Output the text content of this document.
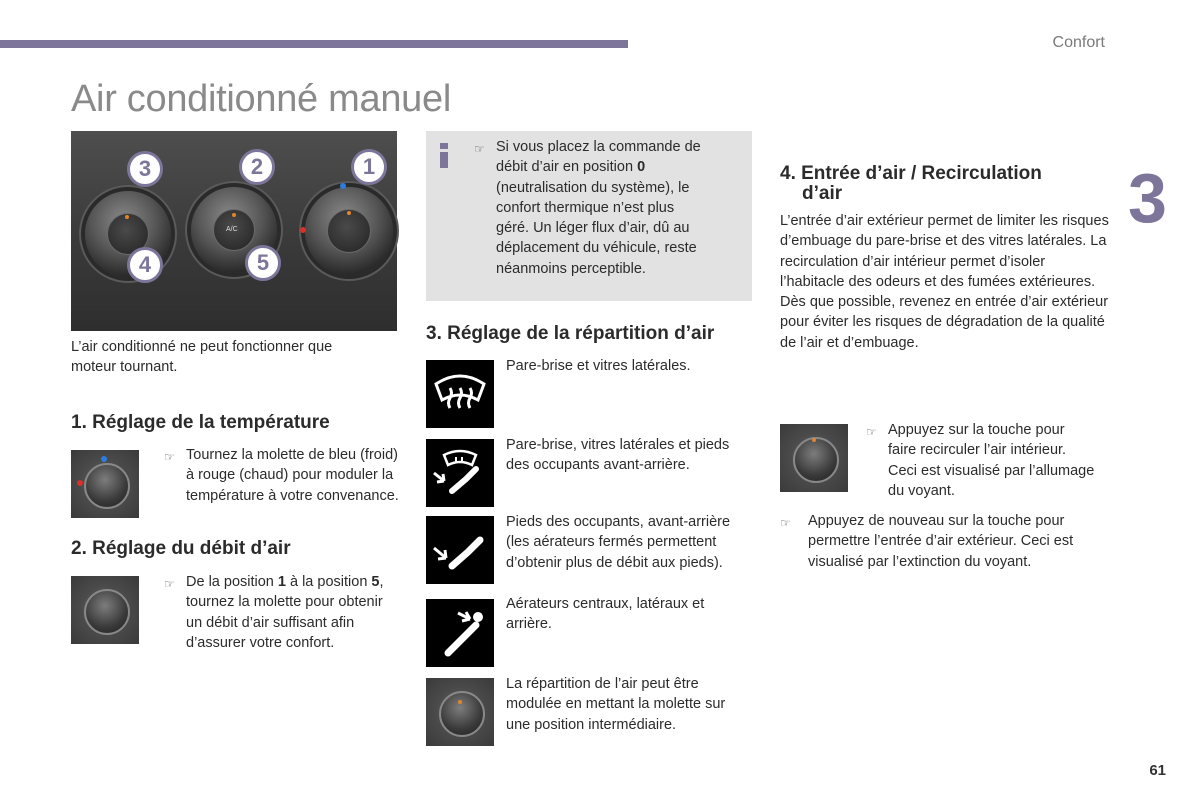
Confort
Air conditionné manuel
3
A/C
3	2	1
4	5
L’air conditionné ne peut fonctionner que moteur tournant.
1. Réglage de la température
☞ Tournez la molette de bleu (froid) à rouge (chaud) pour moduler la température à votre convenance.
2. Réglage du débit d’air
☞ De la position 1 à la position 5, tournez la molette pour obtenir un débit d’air suffisant afin d’assurer votre confort.
☞ Si vous placez la commande de débit d’air en position 0 (neutralisation du système), le confort thermique n’est plus géré. Un léger flux d’air, dû au déplacement du véhicule, reste néanmoins perceptible.
3. Réglage de la répartition d’air
Pare-brise et vitres latérales.
Pare-brise, vitres latérales et pieds des occupants avant-arrière.
Pieds des occupants, avant-arrière (les aérateurs fermés permettent d’obtenir plus de débit aux pieds).
Aérateurs centraux, latéraux et arrière.
La répartition de l’air peut être modulée en mettant la molette sur une position intermédiaire.
4. Entrée d’air / Recirculation
d’air
L’entrée d’air extérieur permet de limiter les risques d’embuage du pare-brise et des vitres latérales. La recirculation d’air intérieur permet d’isoler l’habitacle des odeurs et des fumées extérieures. Dès que possible, revenez en entrée d’air extérieur pour éviter les risques de dégradation de la qualité de l’air et d’embuage.
☞ Appuyez sur la touche pour faire recirculer l’air intérieur. Ceci est visualisé par l’allumage du voyant.
☞	Appuyez de nouveau sur la touche pour permettre l’entrée d’air extérieur. Ceci est visualisé par l’extinction du voyant.
61
